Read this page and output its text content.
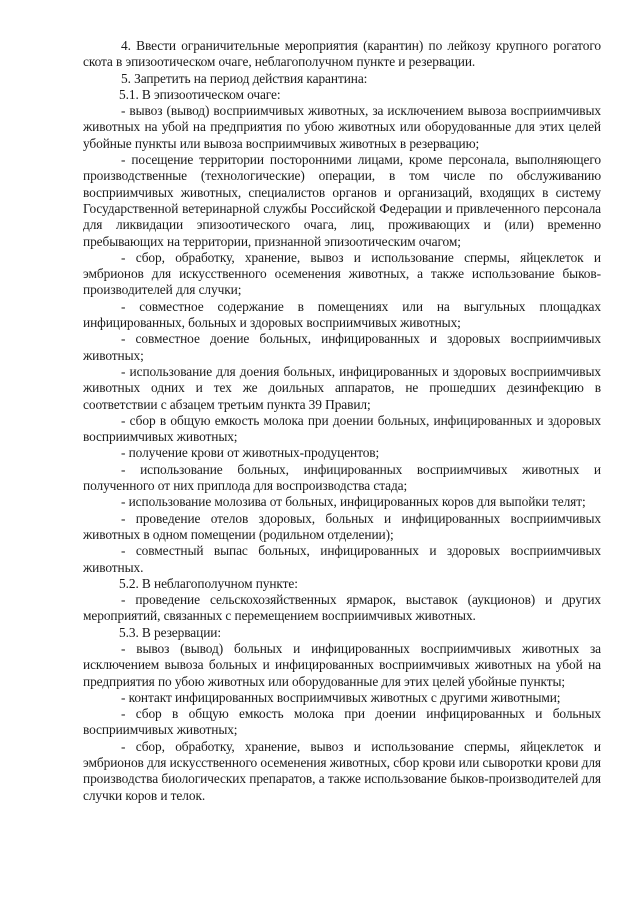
4. Ввести ограничительные мероприятия (карантин) по лейкозу крупного рогатого скота в эпизоотическом очаге, неблагополучном пункте и резервации.

5. Запретить на период действия карантина:

5.1. В эпизоотическом очаге:

- вывоз (вывод) восприимчивых животных, за исключением вывоза восприимчивых животных на убой на предприятия по убою животных или оборудованные для этих целей убойные пункты или вывоза восприимчивых животных в резервацию;

- посещение территории посторонними лицами, кроме персонала, выполняющего производственные (технологические) операции, в том числе по обслуживанию восприимчивых животных, специалистов органов и организаций, входящих в систему Государственной ветеринарной службы Российской Федерации и привлеченного персонала для ликвидации эпизоотического очага, лиц, проживающих и (или) временно пребывающих на территории, признанной эпизоотическим очагом;

- сбор, обработку, хранение, вывоз и использование спермы, яйцеклеток и эмбрионов для искусственного осеменения животных, а также использование быков-производителей для случки;

- совместное содержание в помещениях или на выгульных площадках инфицированных, больных и здоровых восприимчивых животных;

- совместное доение больных, инфицированных и здоровых восприимчивых животных;

- использование для доения больных, инфицированных и здоровых восприимчивых животных одних и тех же доильных аппаратов, не прошедших дезинфекцию в соответствии с абзацем третьим пункта 39 Правил;

- сбор в общую емкость молока при доении больных, инфицированных и здоровых восприимчивых животных;

- получение крови от животных-продуцентов;

- использование больных, инфицированных восприимчивых животных и полученного от них приплода для воспроизводства стада;

- использование молозива от больных, инфицированных коров для выпойки телят;

- проведение отелов здоровых, больных и инфицированных восприимчивых животных в одном помещении (родильном отделении);

- совместный выпас больных, инфицированных и здоровых восприимчивых животных.

5.2. В неблагополучном пункте:

- проведение сельскохозяйственных ярмарок, выставок (аукционов) и других мероприятий, связанных с перемещением восприимчивых животных.

5.3. В резервации:

- вывоз (вывод) больных и инфицированных восприимчивых животных за исключением вывоза больных и инфицированных восприимчивых животных на убой на предприятия по убою животных или оборудованные для этих целей убойные пункты;

- контакт инфицированных восприимчивых животных с другими животными;

- сбор в общую емкость молока при доении инфицированных и больных восприимчивых животных;

- сбор, обработку, хранение, вывоз и использование спермы, яйцеклеток и эмбрионов для искусственного осеменения животных, сбор крови или сыворотки крови для производства биологических препаратов, а также использование быков-производителей для случки коров и телок.
